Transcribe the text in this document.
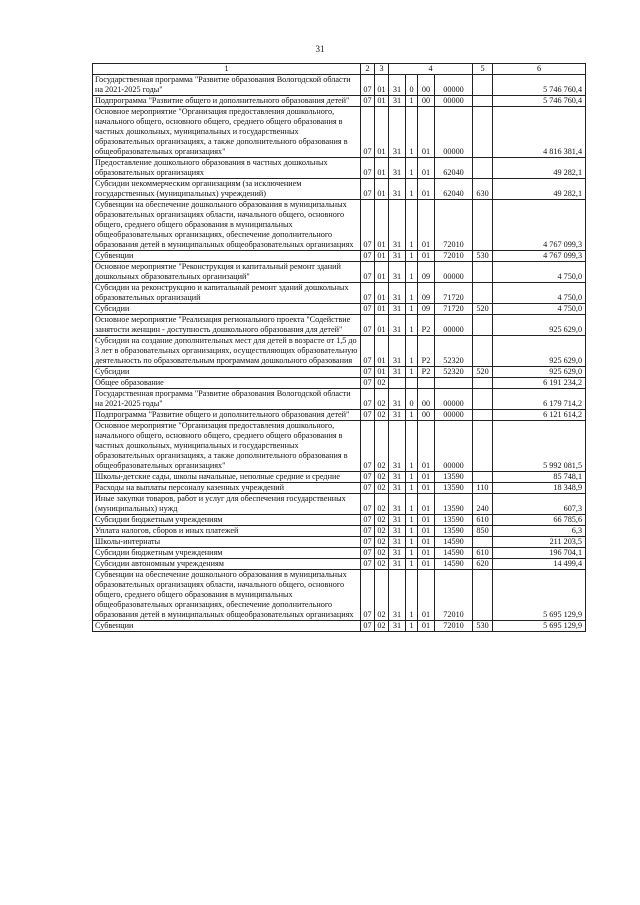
31
1	2	3	4				5	6
Государственная программа "Развитие образования Вологодской области на 2021-2025 годы"	07	01	31	0	00	00000		5 746 760,4
Подпрограмма "Развитие общего и дополнительного образования детей"	07	01	31	1	00	00000		5 746 760,4
Основное мероприятие "Организация предоставления дошкольного, начального общего, основного общего, среднего общего образования в частных дошкольных, муниципальных и государственных образовательных организациях, а также дополнительного образования в общеобразовательных организациях"	07	01	31	1	01	00000		4 816 381,4
Предоставление дошкольного образования в частных дошкольных образовательных организациях	07	01	31	1	01	62040		49 282,1
Субсидии некоммерческим организациям (за исключением государственных (муниципальных) учреждений)	07	01	31	1	01	62040	630	49 282,1
Субвенции на обеспечение дошкольного образования в муниципальных образовательных организациях области, начального общего, основного общего, среднего общего образования в муниципальных общеобразовательных организациях, обеспечение дополнительного образования детей в муниципальных общеобразовательных организациях	07	01	31	1	01	72010		4 767 099,3
Субвенции	07	01	31	1	01	72010	530	4 767 099,3
Основное мероприятие "Реконструкция и капитальный ремонт зданий дошкольных образовательных организаций"	07	01	31	1	09	00000		4 750,0
Субсидии на реконструкцию и капитальный ремонт зданий дошкольных образовательных организаций	07	01	31	1	09	71720		4 750,0
Субсидии	07	01	31	1	09	71720	520	4 750,0
Основное мероприятие "Реализация регионального проекта "Содействие занятости женщин - доступность дошкольного образования для детей"	07	01	31	1	P2	00000		925 629,0
Субсидии на создание дополнительных мест для детей в возрасте от 1,5 до 3 лет в образовательных организациях, осуществляющих образовательную деятельность по образовательным программам дошкольного образования	07	01	31	1	P2	52320		925 629,0
Субсидии	07	01	31	1	P2	52320	520	925 629,0
Общее образование	07	02						6 191 234,2
Государственная программа "Развитие образования Вологодской области на 2021-2025 годы"	07	02	31	0	00	00000		6 179 714,2
Подпрограмма "Развитие общего и дополнительного образования детей"	07	02	31	1	00	00000		6 121 614,2
Основное мероприятие "Организация предоставления дошкольного, начального общего, основного общего, среднего общего образования в частных дошкольных, муниципальных и государственных образовательных организациях, а также дополнительного образования в общеобразовательных организациях"	07	02	31	1	01	00000		5 992 081,5
Школы-детские сады, школы начальные, неполные средние и средние	07	02	31	1	01	13590		85 748,1
Расходы на выплаты персоналу казенных учреждений	07	02	31	1	01	13590	110	18 348,9
Иные закупки товаров, работ и услуг для обеспечения государственных (муниципальных) нужд	07	02	31	1	01	13590	240	607,3
Субсидии бюджетным учреждениям	07	02	31	1	01	13590	610	66 785,6
Уплата налогов, сборов и иных платежей	07	02	31	1	01	13590	850	6,3
Школы-интернаты	07	02	31	1	01	14590		211 203,5
Субсидии бюджетным учреждениям	07	02	31	1	01	14590	610	196 704,1
Субсидии автономным учреждениям	07	02	31	1	01	14590	620	14 499,4
Субвенции на обеспечение дошкольного образования в муниципальных образовательных организациях области, начального общего, основного общего, среднего общего образования в муниципальных общеобразовательных организациях, обеспечение дополнительного образования детей в муниципальных общеобразовательных организациях	07	02	31	1	01	72010		5 695 129,9
Субвенции	07	02	31	1	01	72010	530	5 695 129,9
